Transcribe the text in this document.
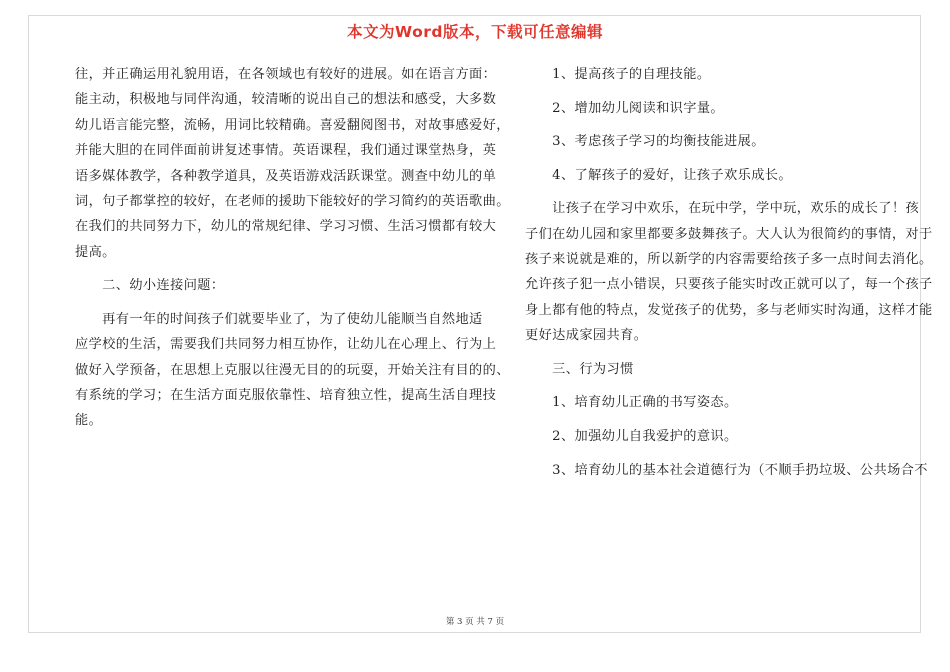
本文为Word版本，下载可任意编辑
往，并正确运用礼貌用语，在各领域也有较好的进展。如在语言方面：
能主动，积极地与同伴沟通，较清晰的说出自己的想法和感受，大多数
幼儿语言能完整，流畅，用词比较精确。喜爱翻阅图书，对故事感爱好，
并能大胆的在同伴面前讲复述事情。英语课程，我们通过课堂热身，英
语多媒体教学，各种教学道具，及英语游戏活跃课堂。测查中幼儿的单
词，句子都掌控的较好，在老师的援助下能较好的学习简约的英语歌曲。
在我们的共同努力下，幼儿的常规纪律、学习习惯、生活习惯都有较大
提高。
　　二、幼小连接问题：
　　再有一年的时间孩子们就要毕业了，为了使幼儿能顺当自然地适
应学校的生活，需要我们共同努力相互协作，让幼儿在心理上、行为上
做好入学预备，在思想上克服以往漫无目的的玩耍，开始关注有目的的、
有系统的学习；在生活方面克服依靠性、培育独立性，提高生活自理技
能。
　　1、提高孩子的自理技能。
　　2、增加幼儿阅读和识字量。
　　3、考虑孩子学习的均衡技能进展。
　　4、了解孩子的爱好，让孩子欢乐成长。
　　让孩子在学习中欢乐，在玩中学，学中玩，欢乐的成长了！孩
子们在幼儿园和家里都要多鼓舞孩子。大人认为很简约的事情，对于
孩子来说就是难的，所以新学的内容需要给孩子多一点时间去消化。
允许孩子犯一点小错误，只要孩子能实时改正就可以了，每一个孩子
身上都有他的特点，发觉孩子的优势，多与老师实时沟通，这样才能
更好达成家园共育。
　　三、行为习惯
　　1、培育幼儿正确的书写姿态。
　　2、加强幼儿自我爱护的意识。
　　3、培育幼儿的基本社会道德行为（不顺手扔垃圾、公共场合不
第 3 页 共 7 页
